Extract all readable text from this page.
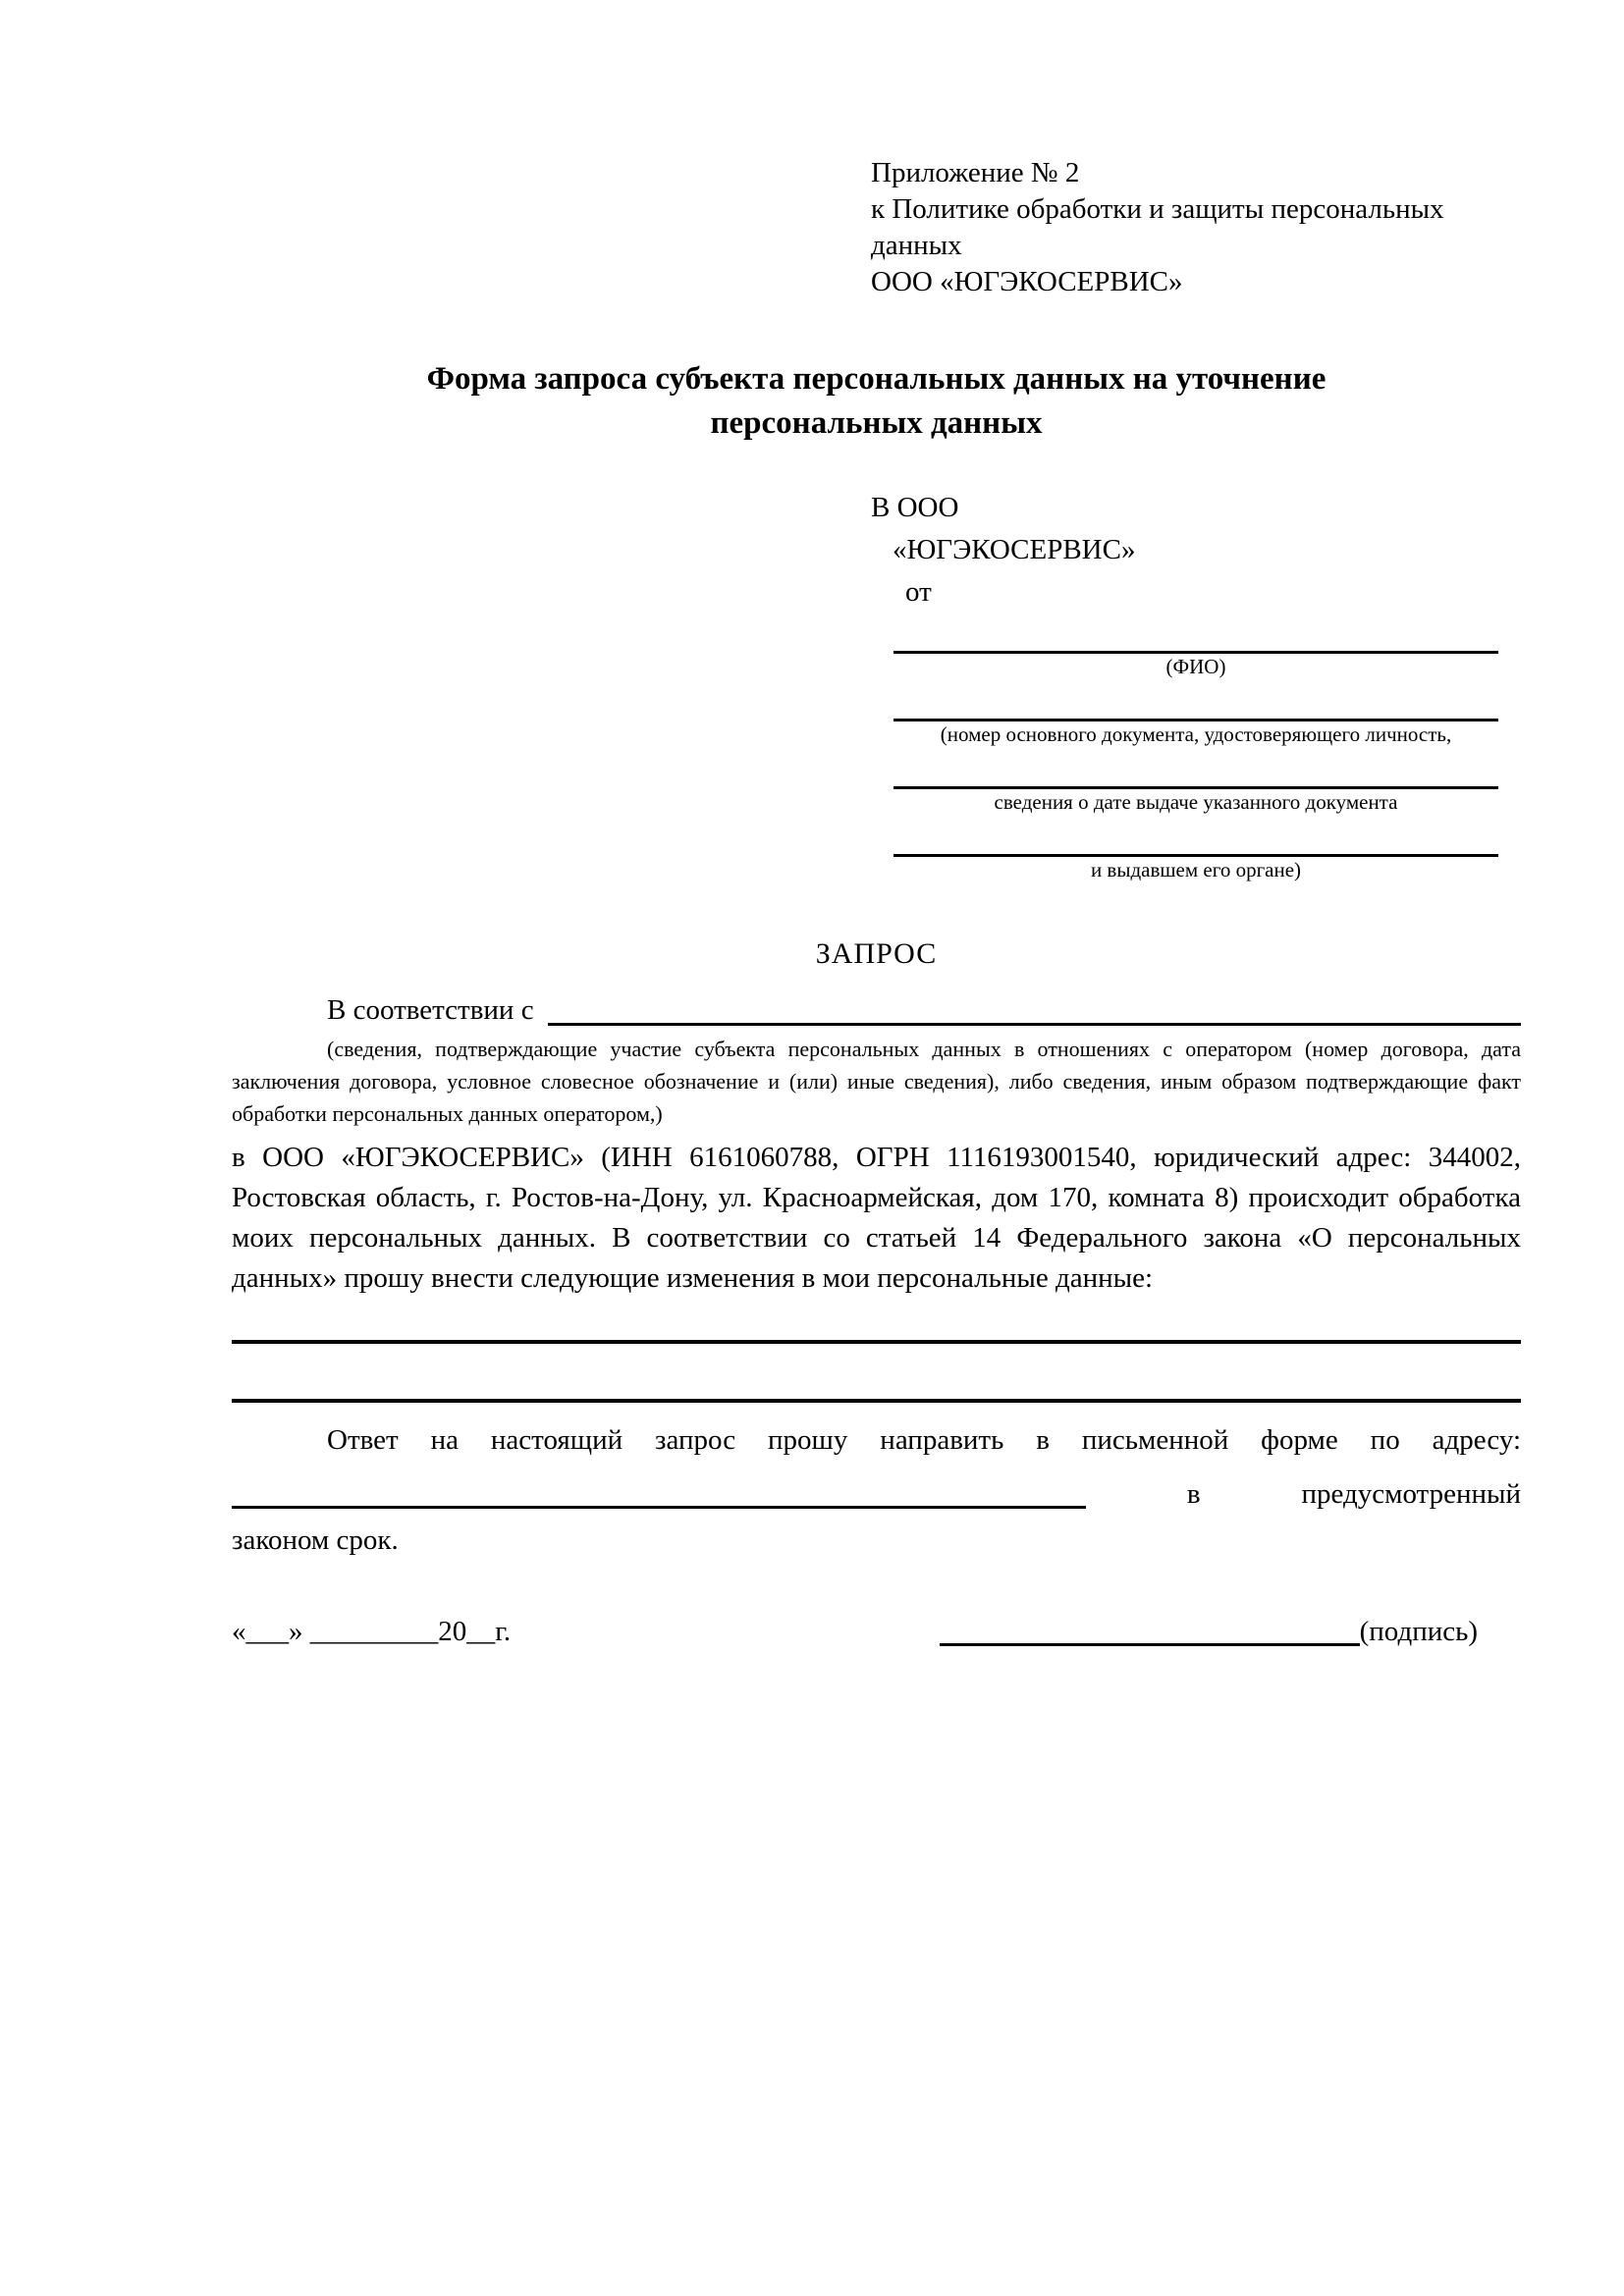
Приложение № 2
к Политике обработки и защиты персональных данных
ООО «ЮГЭКОСЕРВИС»
Форма запроса субъекта персональных данных на уточнение персональных данных
В ООО
«ЮГЭКОСЕРВИС»
от
(ФИО)
(номер основного документа, удостоверяющего личность,
сведения о дате выдаче указанного документа
и выдавшем его органе)
ЗАПРОС
В соответствии с

(сведения, подтверждающие участие субъекта персональных данных в отношениях с оператором (номер договора, дата заключения договора, условное словесное обозначение и (или) иные сведения), либо сведения, иным образом подтверждающие факт обработки персональных данных оператором,)

в ООО «ЮГЭКОСЕРВИС» (ИНН 6161060788, ОГРН 1116193001540, юридический адрес: 344002, Ростовская область, г. Ростов-на-Дону, ул. Красноармейская, дом 170, комната 8) происходит обработка моих персональных данных. В соответствии со статьей 14 Федерального закона «О персональных данных» прошу внести следующие изменения в мои персональные данные:

Ответ на настоящий запрос прошу направить в письменной форме по адресу:

в	предусмотренный

законом срок.

«___» _________20__г.	(подпись)
